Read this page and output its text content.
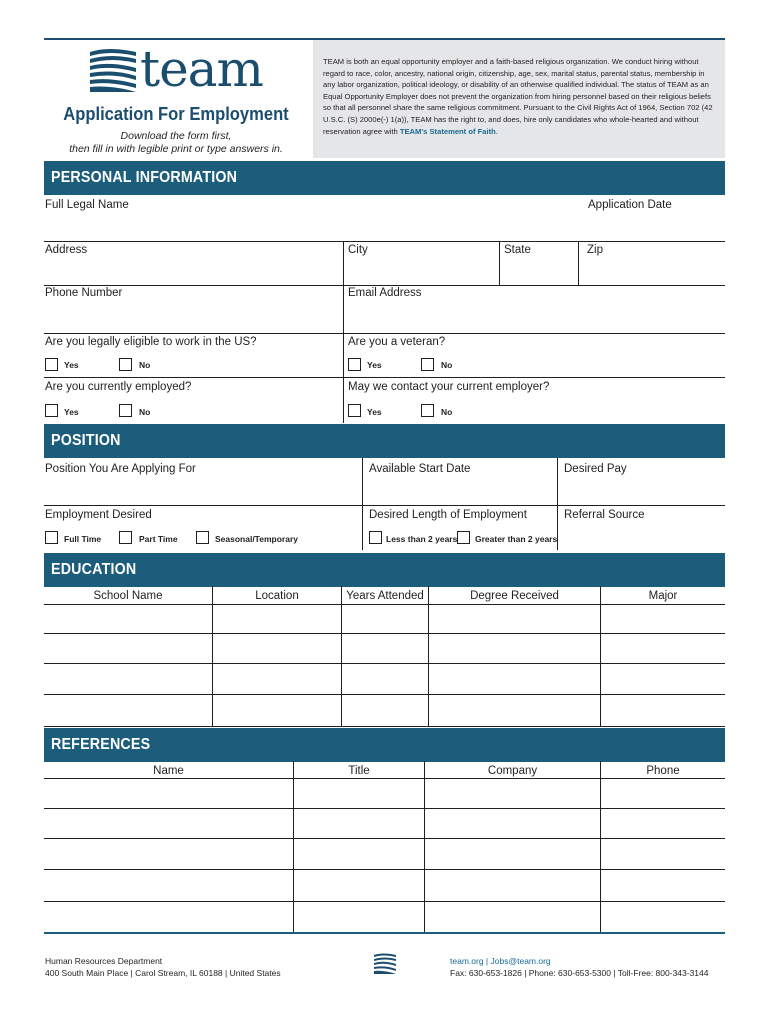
team
Application For Employment
Download the form first,
then fill in with legible print or type answers in.
TEAM is both an equal opportunity employer and a faith-based religious organization. We conduct hiring without regard to race, color, ancestry, national origin, citizenship, age, sex, marital status, parental status, membership in any labor organization, political ideology, or disability of an otherwise qualified individual. The status of TEAM as an Equal Opportunity Employer does not prevent the organization from hiring personnel based on their religious beliefs so that all personnel share the same religious commitment. Pursuant to the Civil Rights Act of 1964, Section 702 (42 U.S.C. (S) 2000e(-) 1(a)), TEAM has the right to, and does, hire only candidates who whole-hearted and without reservation agree with TEAM's Statement of Faith.
PERSONAL INFORMATION
Full Legal Name	Application Date
Address	City	State	Zip
Phone Number	Email Address
Are you legally eligible to work in the US?	Are you a veteran?
Yes	No	Yes	No
Are you currently employed?	May we contact your current employer?
Yes	No	Yes	No
POSITION
Position You Are Applying For	Available Start Date	Desired Pay
Employment Desired	Desired Length of Employment	Referral Source
Full Time	Part Time	Seasonal/Temporary	Less than 2 years Greater than 2 years
EDUCATION
School Name	Location	Years Attended	Degree Received	Major
REFERENCES
Name	Title	Company	Phone
Human Resources Department
400 South Main Place | Carol Stream, IL 60188 | United States
team.org | Jobs@team.org
Fax: 630-653-1826 | Phone: 630-653-5300 | Toll-Free: 800-343-3144
